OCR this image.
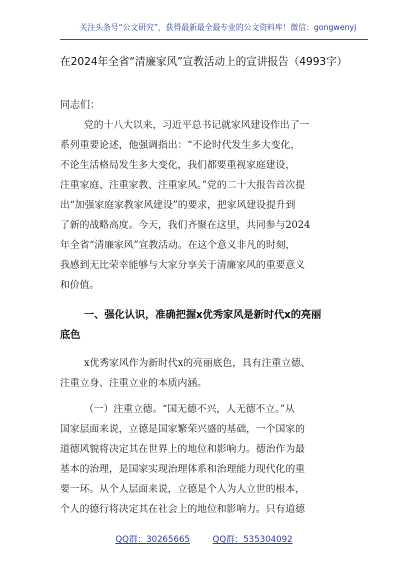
关注头条号“公文研究”，获得最新最全最专业的公文资料库！微信：gongwenyj
在2024年全省“清廉家风”宣教活动上的宣讲报告（4993字）
同志们：
党的十八大以来，习近平总书记就家风建设作出了一
系列重要论述，他强调指出：“不论时代发生多大变化，
不论生活格局发生多大变化，我们都要重视家庭建设，
注重家庭、注重家教、注重家风。”党的二十大报告首次提
出“加强家庭家教家风建设”的要求，把家风建设提升到
了新的战略高度。今天，我们齐聚在这里，共同参与2024
年全省“清廉家风”宣教活动。在这个意义非凡的时刻，
我感到无比荣幸能够与大家分享关于清廉家风的重要意义
和价值。
一、强化认识，准确把握x优秀家风是新时代x的亮丽
底色
x优秀家风作为新时代x的亮丽底色，具有注重立德、
注重立身、注重立业的本质内涵。
（一）注重立德。“国无德不兴，人无德不立。”从
国家层面来说，立德是国家繁荣兴盛的基础，一个国家的
道德风貌将决定其在世界上的地位和影响力。德治作为最
基本的治理，是国家实现治理体系和治理能力现代化的重
要一环。从个人层面来说，立德是个人为人立世的根本，
个人的德行将决定其在社会上的地位和影响力。只有道德
QQ群：30265665	QQ群：535304092
